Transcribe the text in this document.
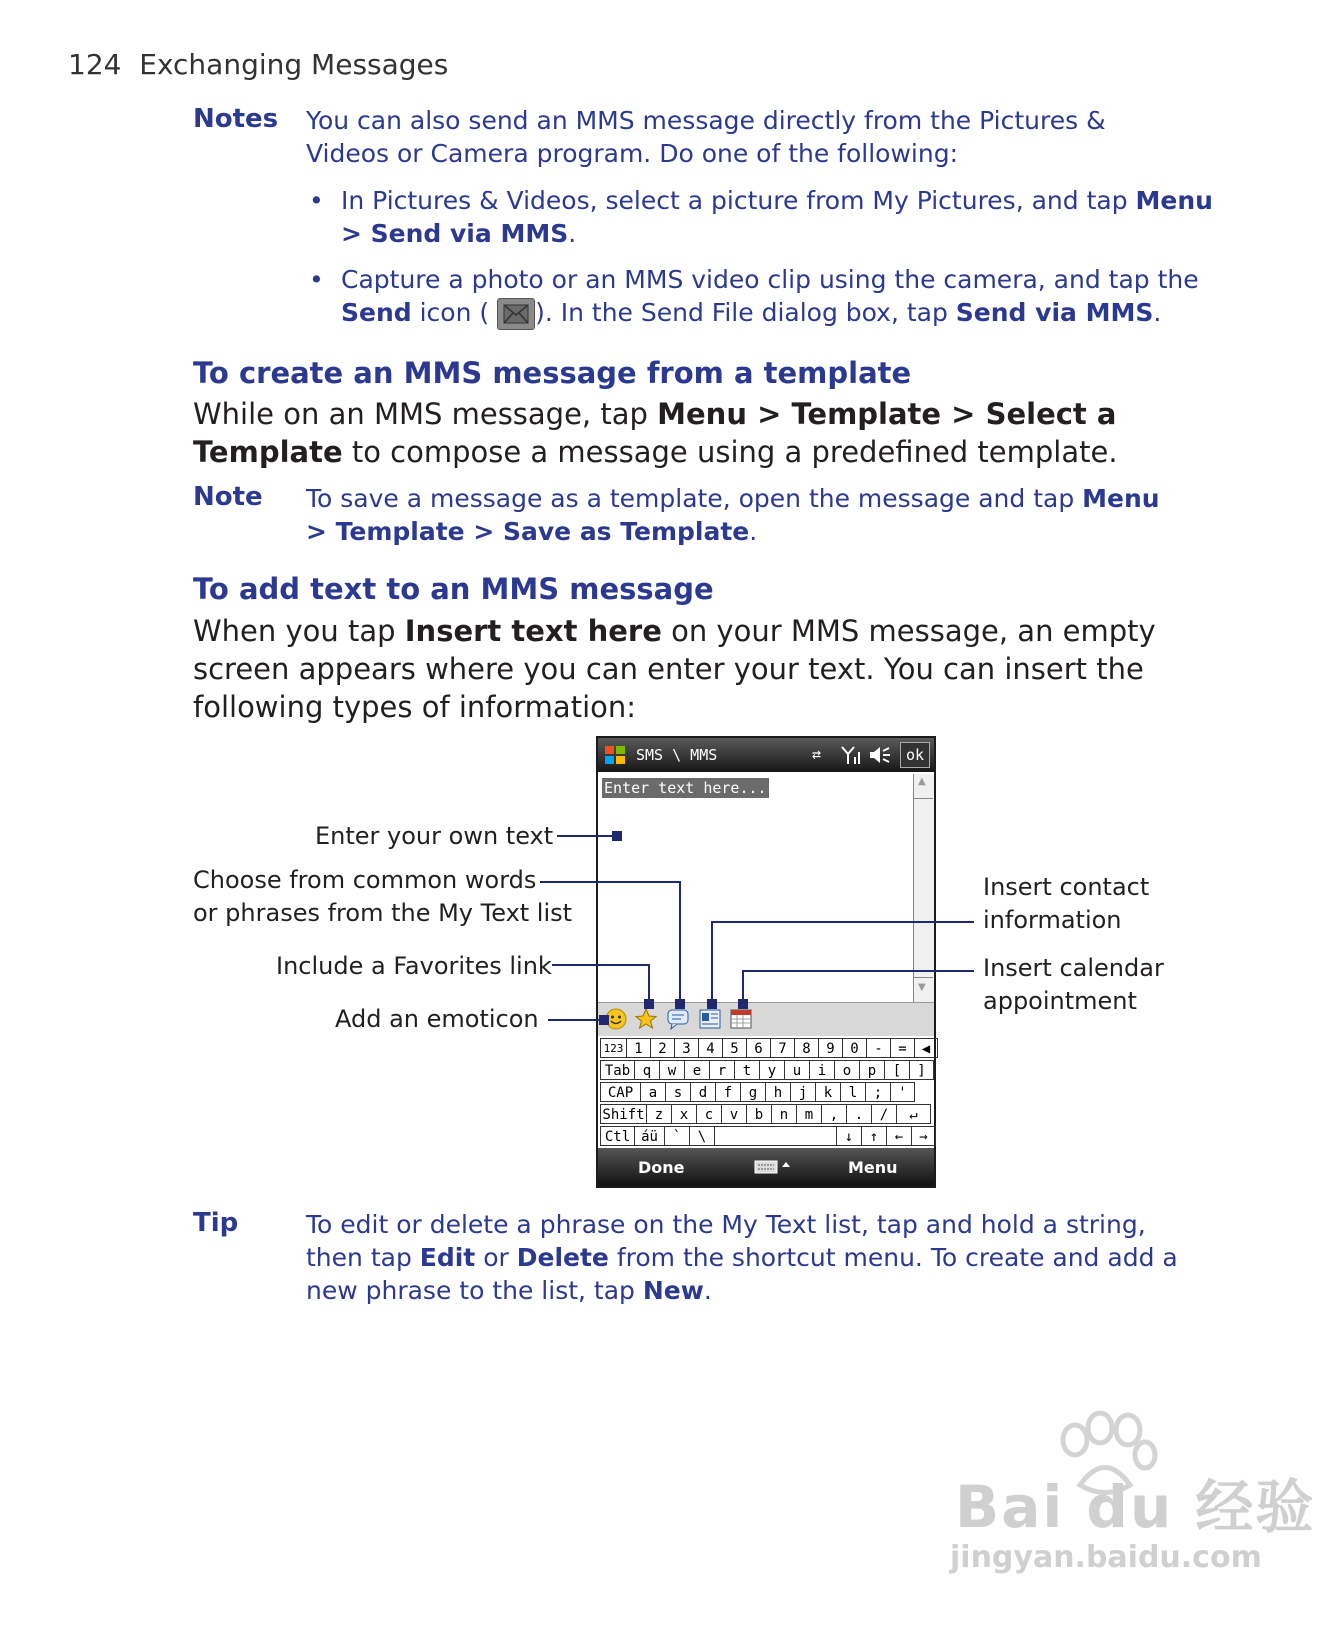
124 Exchanging Messages
Notes You can also send an MMS message directly from the Pictures & Videos or Camera program. Do one of the following:
• In Pictures & Videos, select a picture from My Pictures, and tap Menu > Send via MMS.
• Capture a photo or an MMS video clip using the camera, and tap the Send icon ( ). In the Send File dialog box, tap Send via MMS.
To create an MMS message from a template
While on an MMS message, tap Menu > Template > Select a Template to compose a message using a predefined template.
Note To save a message as a template, open the message and tap Menu > Template > Save as Template.
To add text to an MMS message
When you tap Insert text here on your MMS message, an empty screen appears where you can enter your text. You can insert the following types of information:
Enter your own text
Choose from common words
or phrases from the My Text list
Include a Favorites link
Add an emoticon
Insert contact
information
Insert calendar
appointment
SMS \ MMS	⇄	ok
Enter text here...	▲
▼
123 1	2	3	4	5	6	7	8	9	0	-	=	◀
Tab q	w	e	r	t	y	u	i	o	p	[	]
CAP	a	s	d	f	g	h	j	k	l	;	'
Shift z	x	c	v	b	n	m	,	.	/	↵
Ctl áü	`	\	↓	↑	←	→
Done	Menu
Tip	To edit or delete a phrase on the My Text list, tap and hold a string, then tap Edit or Delete from the shortcut menu. To create and add a new phrase to the list, tap New.
Bai du 经验
jingyan.baidu.com
